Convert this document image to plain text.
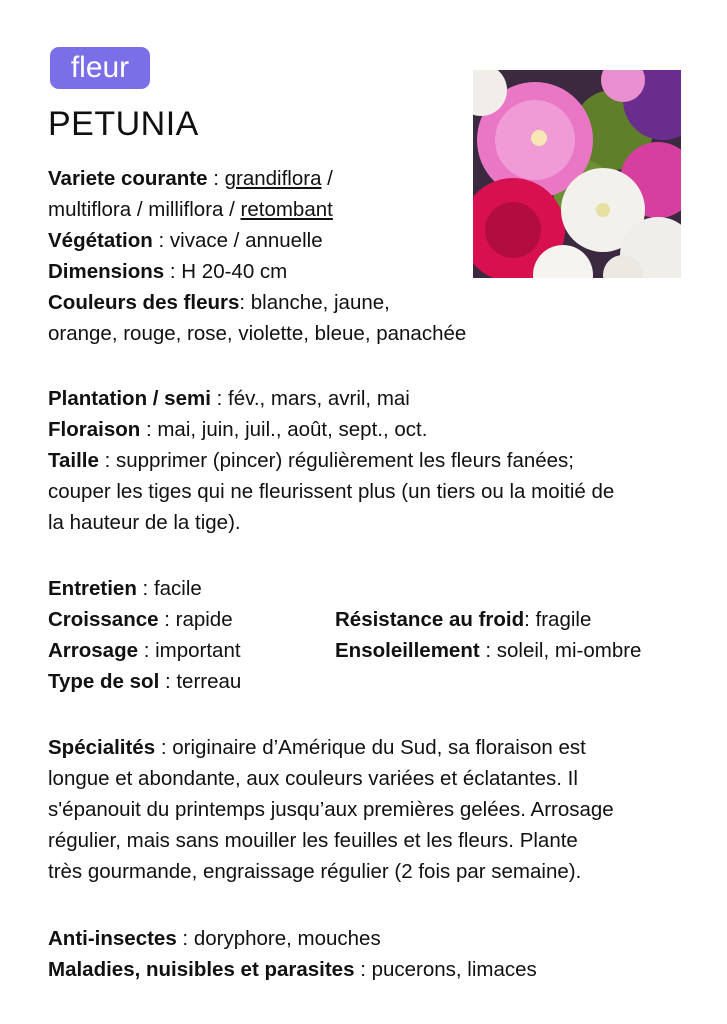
fleur
PETUNIA
Variete courante : grandiflora /
multiflora / milliflora / retombant
Végétation : vivace / annuelle
Dimensions : H 20-40 cm
Couleurs des fleurs: blanche, jaune,
orange, rouge, rose, violette, bleue, panachée
Plantation / semi : fév., mars, avril, mai
Floraison : mai, juin, juil., août, sept., oct.
Taille : supprimer (pincer) régulièrement les fleurs fanées;
couper les tiges qui ne fleurissent plus (un tiers ou la moitié de
la hauteur de la tige).
Entretien : facile
Croissance : rapide	Résistance au froid: fragile
Arrosage : important	Ensoleillement : soleil, mi-ombre
Type de sol : terreau
Spécialités : originaire d’Amérique du Sud, sa floraison est
longue et abondante, aux couleurs variées et éclatantes. Il
s'épanouit du printemps jusqu’aux premières gelées. Arrosage
régulier, mais sans mouiller les feuilles et les fleurs. Plante
très gourmande, engraissage régulier (2 fois par semaine).
Anti-insectes : doryphore, mouches
Maladies, nuisibles et parasites : pucerons, limaces
